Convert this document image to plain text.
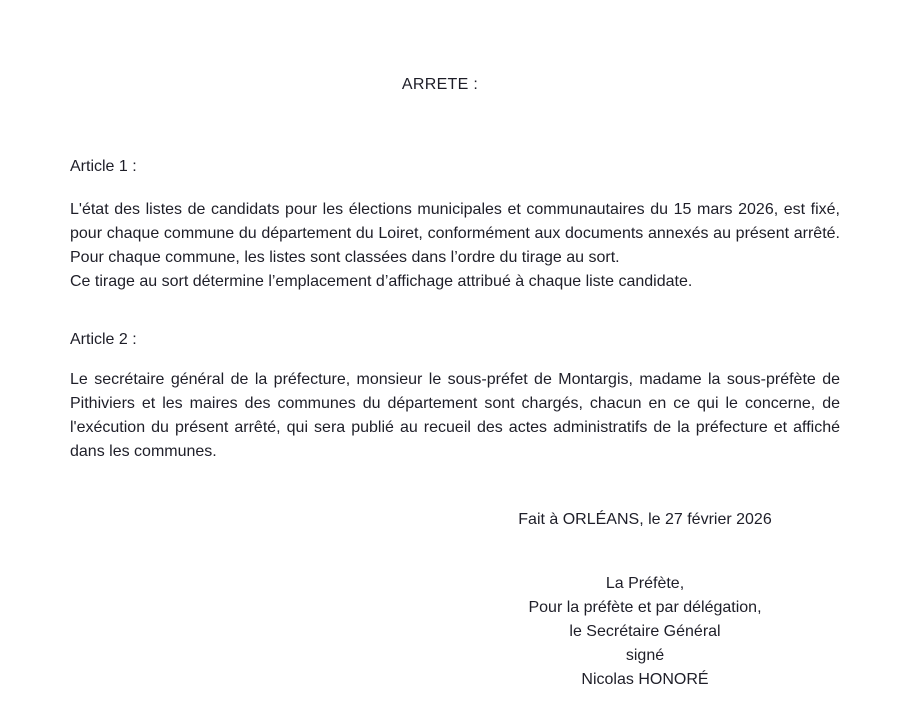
ARRETE :
Article 1 :

L'état des listes de candidats pour les élections municipales et communautaires du 15 mars 2026, est fixé, pour chaque commune du département du Loiret, conformément aux documents annexés au présent arrêté. Pour chaque commune, les listes sont classées dans l’ordre du tirage au sort.

Ce tirage au sort détermine l’emplacement d’affichage attribué à chaque liste candidate.

Article 2 :

Le secrétaire général de la préfecture, monsieur le sous-préfet de Montargis, madame la sous-préfète de Pithiviers et les maires des communes du département sont chargés, chacun en ce qui le concerne, de l'exécution du présent arrêté, qui sera publié au recueil des actes administratifs de la préfecture et affiché dans les communes.

Fait à ORLÉANS, le 27 février 2026
La Préfète,
Pour la préfète et par délégation,
le Secrétaire Général
signé
Nicolas HONORÉ
